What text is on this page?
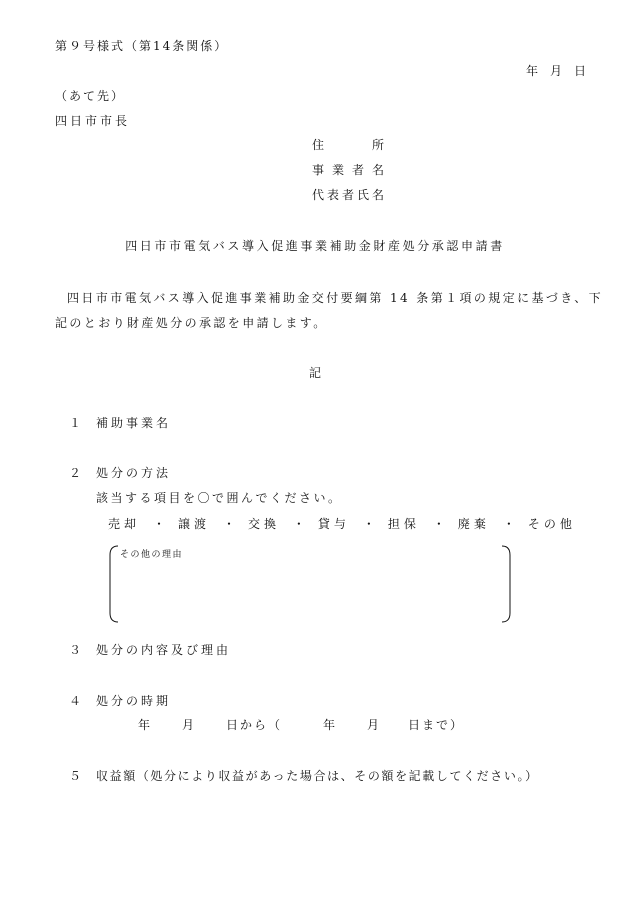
第９号様式（第14条関係）
年　月　日
（あて先）
四日市市長
住	所
事 業 者 名
代 表 者 氏 名
四日市市電気バス導入促進事業補助金財産処分承認申請書
四日市市電気バス導入促進事業補助金交付要綱第 14 条第１項の規定に基づき、下
記のとおり財産処分の承認を申請します。
記
１ 補助事業名
２ 処分の方法
該当する項目を〇で囲んでください。
売却 ・ 譲渡 ・ 交換 ・ 貸与 ・ 担保 ・ 廃棄 ・ その他
その他の理由
３ 処分の内容及び理由
４ 処分の時期
年	月	日から（	年	月 日まで）
５ 収益額（処分により収益があった場合は、その額を記載してください。）
